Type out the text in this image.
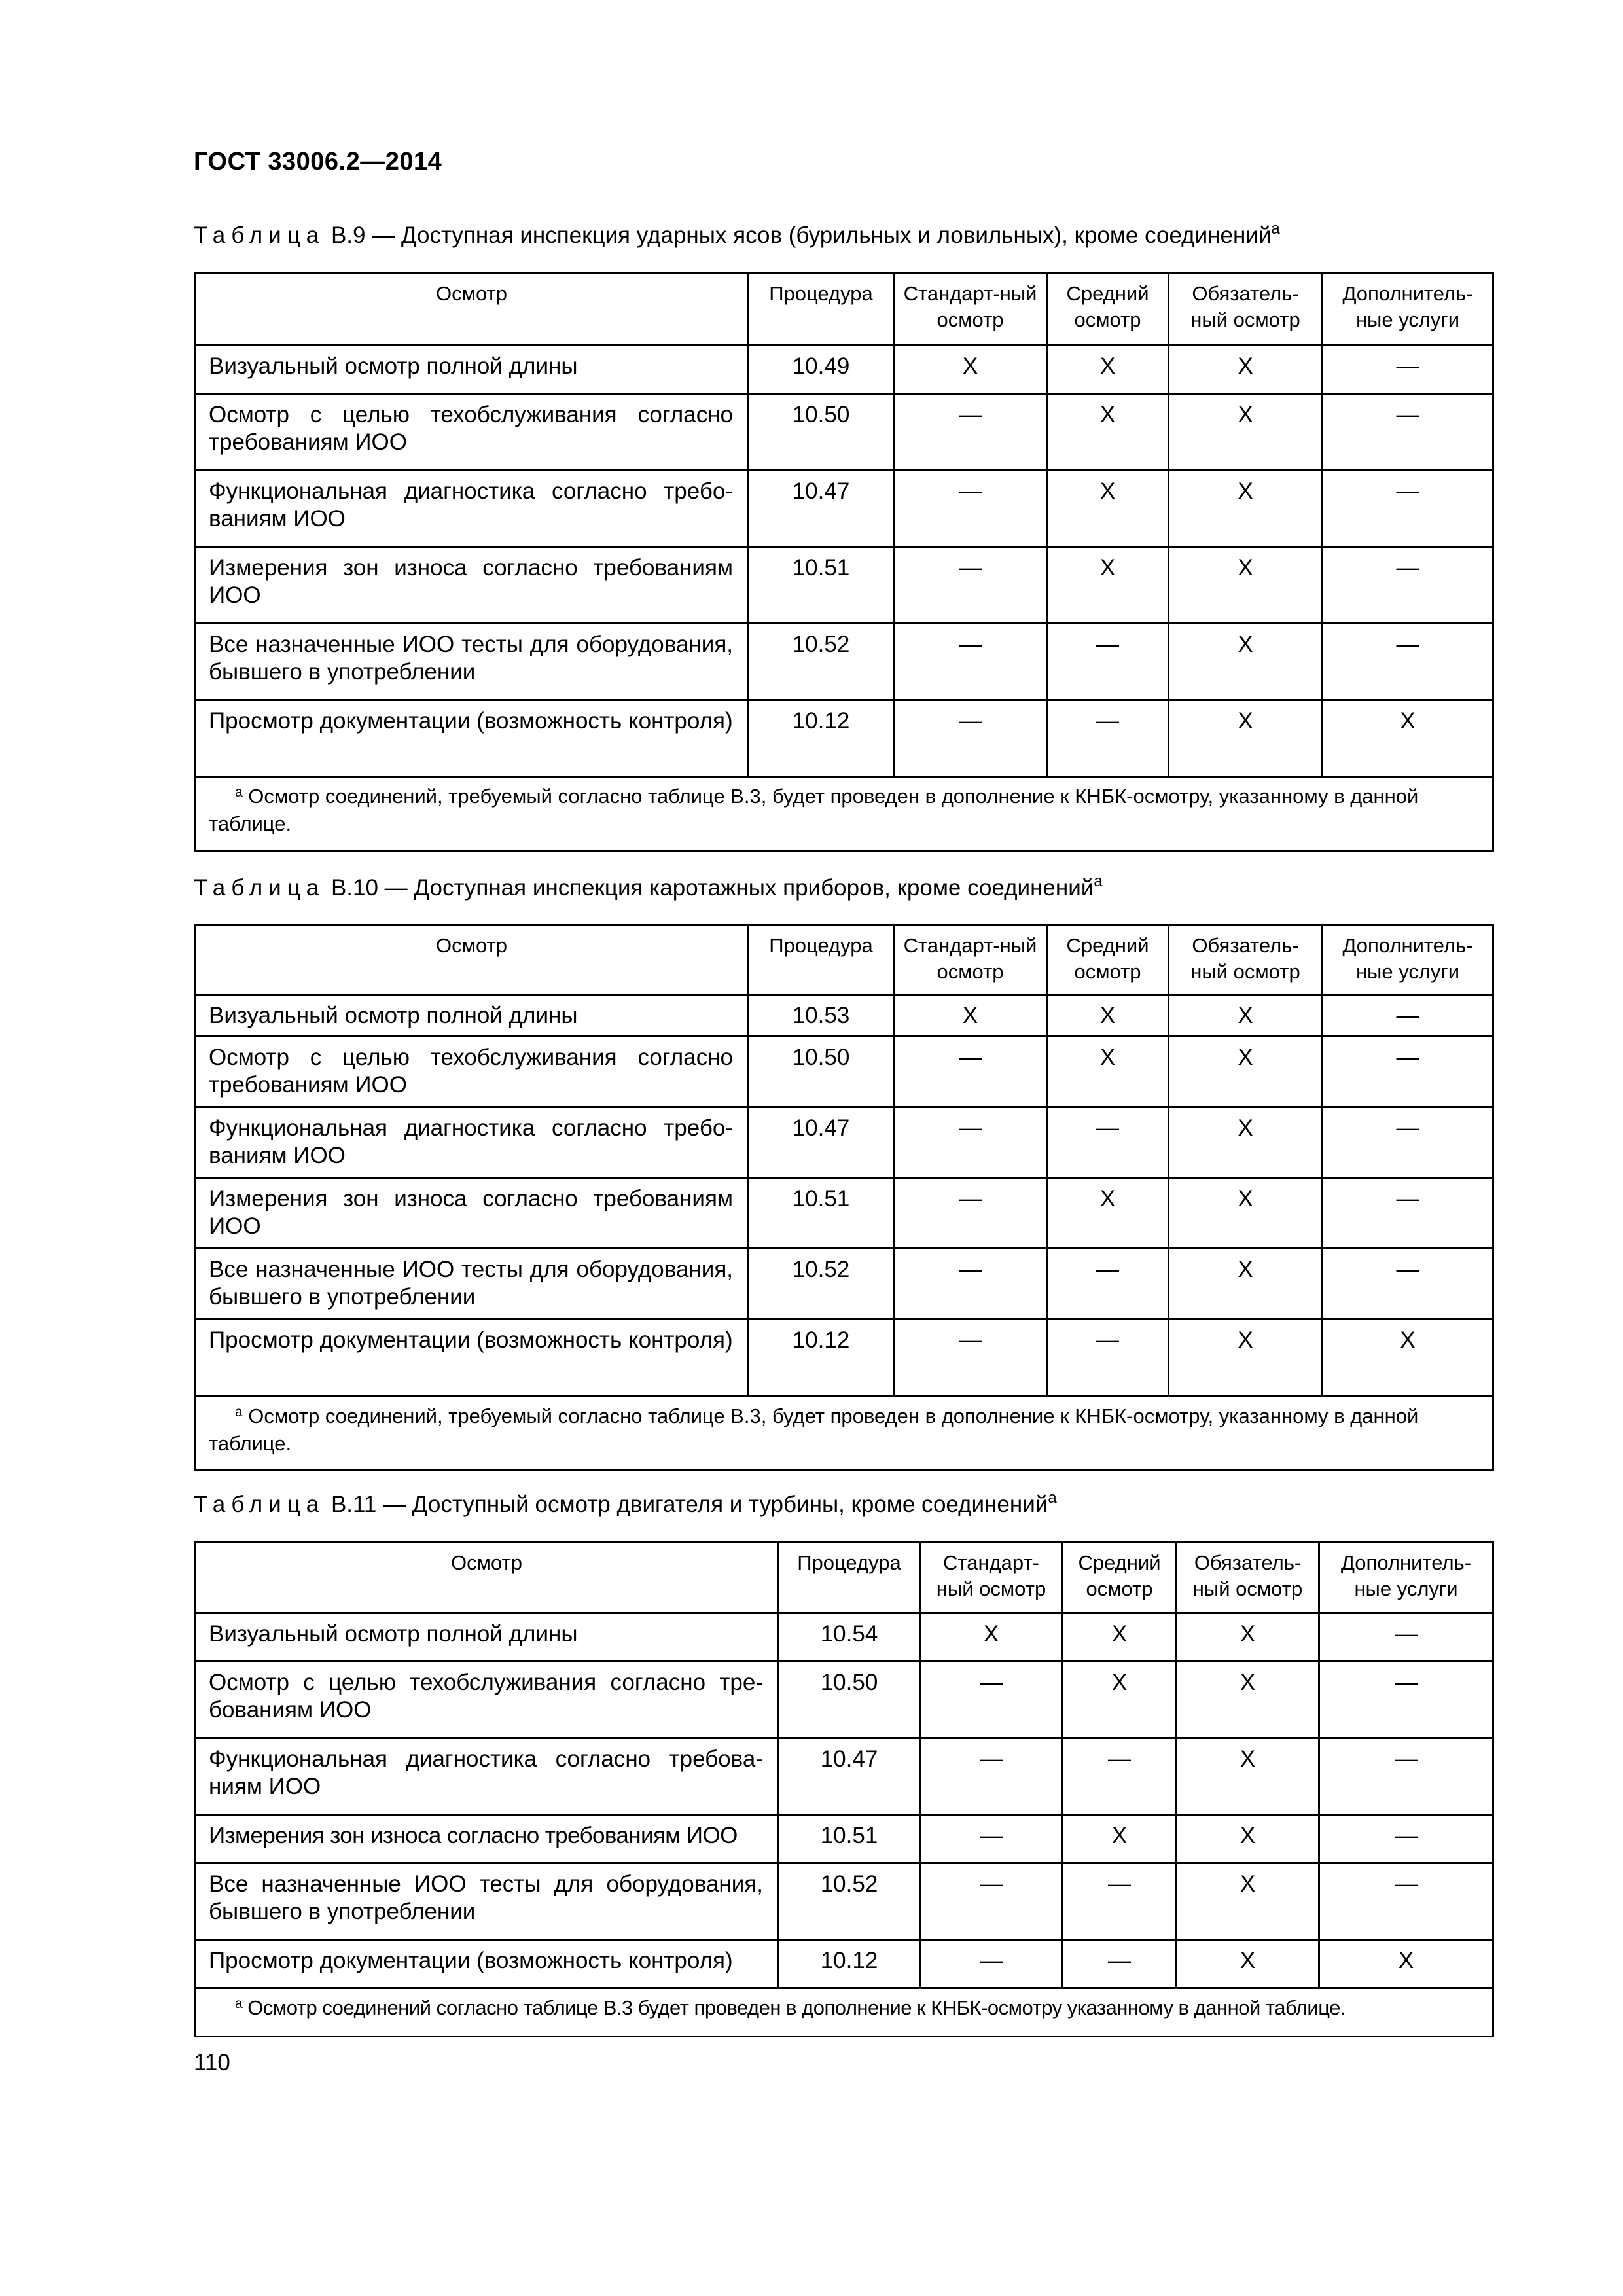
ГОСТ 33006.2—2014
Таблица В.9 — Доступная инспекция ударных ясов (бурильных и ловильных), кроме соединений$^a$
Осмотр	Процедура	Стандарт-ный осмотр	Средний осмотр	Обязатель-ный осмотр	Дополнитель-ные услуги
Визуальный осмотр полной длины	10.49	X	X	X	—
Осмотр с целью техобслуживания согласно требованиям ИОО	10.50	—	X	X	—
Функциональная диагностика согласно требованиям ИОО	10.47	—	X	X	—
Измерения зон износа согласно требованиям ИОО	10.51	—	X	X	—
Все назначенные ИОО тесты для оборудования, бывшего в употреблении	10.52	—	—	X	—
Просмотр документации (возможность контроля)	10.12	—	—	X	X
$^a$ Осмотр соединений, требуемый согласно таблице В.3, будет проведен в дополнение к КНБК-осмотру, указанному в данной таблице.					
Таблица В.10 — Доступная инспекция каротажных приборов, кроме соединений$^a$
Осмотр	Процедура	Стандарт-ный осмотр	Средний осмотр	Обязатель-ный осмотр	Дополнитель-ные услуги
Визуальный осмотр полной длины	10.53	X	X	X	—
Осмотр с целью техобслуживания согласно требованиям ИОО	10.50	—	X	X	—
Функциональная диагностика согласно требованиям ИОО	10.47	—	—	X	—
Измерения зон износа согласно требованиям ИОО	10.51	—	X	X	—
Все назначенные ИОО тесты для оборудования, бывшего в употреблении	10.52	—	—	X	—
Просмотр документации (возможность контроля)	10.12	—	—	X	X
$^a$ Осмотр соединений, требуемый согласно таблице В.3, будет проведен в дополнение к КНБК-осмотру, указанному в данной таблице.					
Таблица В.11 — Доступный осмотр двигателя и турбины, кроме соединений$^a$
Осмотр	Процедура	Стандарт-ный осмотр	Средний осмотр	Обязатель-ный осмотр	Дополнитель-ные услуги
Визуальный осмотр полной длины	10.54	X	X	X	—
Осмотр с целью техобслуживания согласно требованиям ИОО	10.50	—	X	X	—
Функциональная диагностика согласно требованиям ИОО	10.47	—	—	X	—
Измерения зон износа согласно требованиям ИОО	10.51	—	X	X	—
Все назначенные ИОО тесты для оборудования, бывшего в употреблении	10.52	—	—	X	—
Просмотр документации (возможность контроля)	10.12	—	—	X	X
$^a$ Осмотр соединений согласно таблице В.3 будет проведен в дополнение к КНБК-осмотру указанному в данной таблице.					
110
